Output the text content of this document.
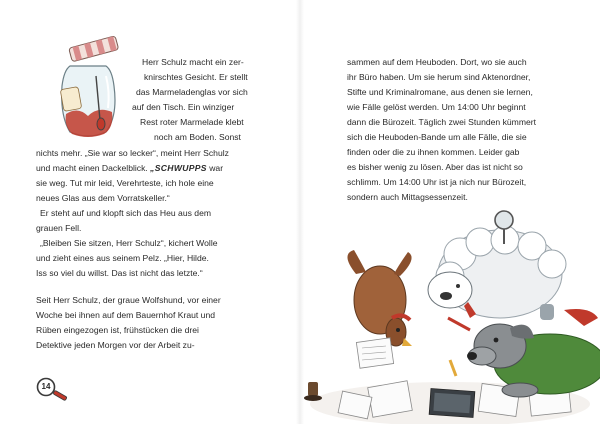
Herr Schulz macht ein zer-
knirschtes Gesicht. Er stellt
das Marmeladenglas vor sich
auf den Tisch. Ein winziger
Rest roter Marmelade klebt
noch am Boden. Sonst
nichts mehr. „Sie war so lecker“, meint Herr Schulz
und macht einen Dackelblick. „SCHWUPPS war
sie weg. Tut mir leid, Verehrteste, ich hole eine
neues Glas aus dem Vorratskeller.“
Er steht auf und klopft sich das Heu aus dem
grauen Fell.
„Bleiben Sie sitzen, Herr Schulz“, kichert Wolle
und zieht eines aus seinem Pelz. „Hier, Hilde.
Iss so viel du willst. Das ist nicht das letzte.“
Seit Herr Schulz, der graue Wolfshund, vor einer
Woche bei ihnen auf dem Bauernhof Kraut und
Rüben eingezogen ist, frühstücken die drei
Detektive jeden Morgen vor der Arbeit zu-
14
sammen auf dem Heuboden. Dort, wo sie auch
ihr Büro haben. Um sie herum sind Aktenordner,
Stifte und Kriminalromane, aus denen sie lernen,
wie Fälle gelöst werden. Um 14:00 Uhr beginnt
dann die Bürozeit. Täglich zwei Stunden kümmert
sich die Heuboden-Bande um alle Fälle, die sie
finden oder die zu ihnen kommen. Leider gab
es bisher wenig zu lösen. Aber das ist nicht so
schlimm. Um 14:00 Uhr ist ja nich nur Bürozeit,
sondern auch Mittagsessenzeit.
